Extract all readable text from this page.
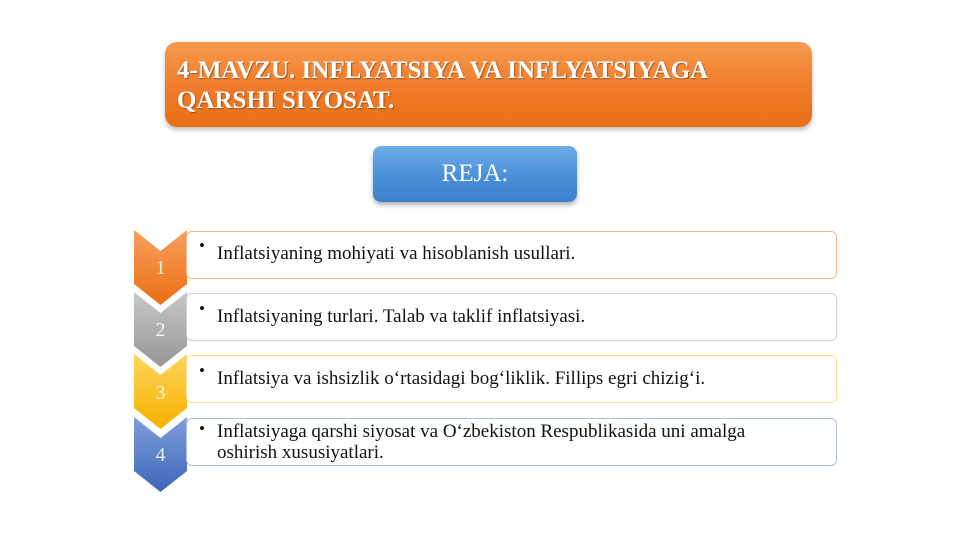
4-MAVZU. INFLYATSIYA VA INFLYATSIYAGA

QARSHI SIYOSAT.

REJA:
1
• Inflatsiyaning mohiyati va hisoblanish usullari.
2
• Inflatsiyaning turlari. Talab va taklif inflatsiyasi.
3
• Inflatsiya va ishsizlik o‘rtasidagi bog‘liklik. Fillips egri chizig‘i.
4
• Inflatsiyaga qarshi siyosat va O‘zbekiston Respublikasida uni amalga
oshirish xususiyatlari.
